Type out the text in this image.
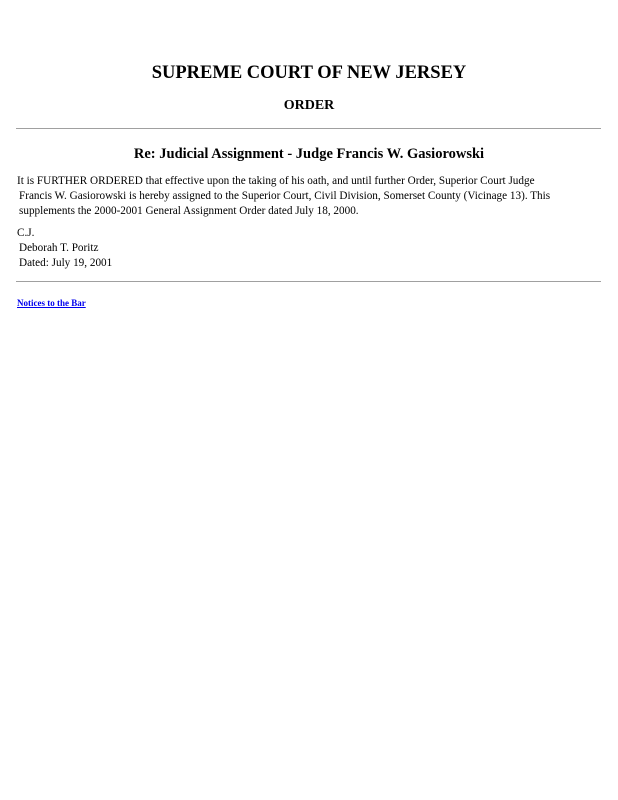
SUPREME COURT OF NEW JERSEY
ORDER
Re: Judicial Assignment - Judge Francis W. Gasiorowski
It is FURTHER ORDERED that effective upon the taking of his oath, and until further Order, Superior Court Judge
Francis W. Gasiorowski is hereby assigned to the Superior Court, Civil Division, Somerset County (Vicinage 13). This
supplements the 2000-2001 General Assignment Order dated July 18, 2000.
C.J.
Deborah T. Poritz
Dated: July 19, 2001
Notices to the Bar
